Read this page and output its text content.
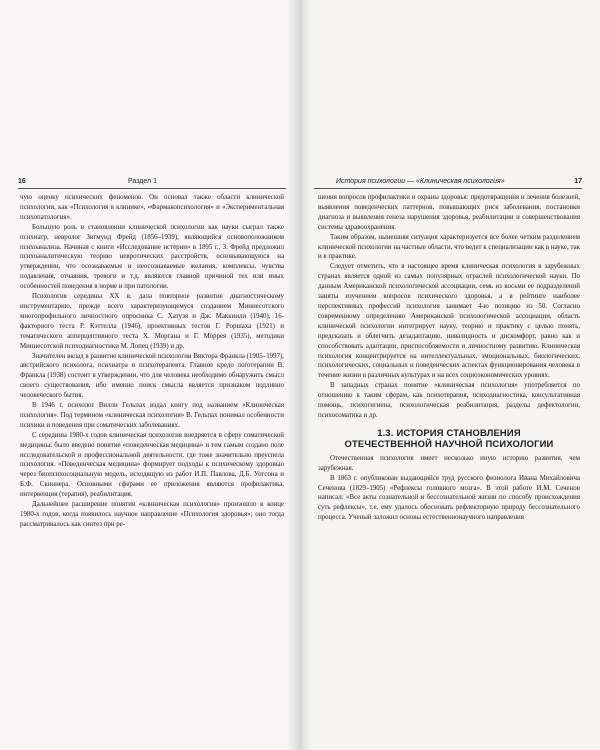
16	Раздел 1

чую оценку психических феноменов. Он основал также области клинической психологии, как «Психология в клинике», «Фармакопсихология» и «Экспериментальная психопатология».

Большую роль в становлении клинической психологии как науки сыграл также психиатр, невролог Зигмунд Фрейд (1856–1939), являющийся основоположником психоанализа. Начиная с книги «Исследование истерии» в 1895 г., З. Фрейд предложил психоаналитическую теорию невротических расстройств, основывающуюся на утверждении, что осознаваемые и неосознаваемые желания, комплексы, чувства подавления, отчаяния, тревоги и т.д. являются главной причиной тех или иных особенностей поведения в норме и при патологии.

Психология середины XX в. дала повторное развитие диагностическому инструментарию, прежде всего характеризующемуся созданием Миннесотского многопрофильного личностного опросника С. Хатуэя и Дж. Маккинли (1940), 16-факторного теста Р. Кэттелла (1946), проективных тестов Г. Роршаха (1921) и тематического апперцептивного теста Х. Моргана и Г. Моррея (1935), методики Миннесотской психодиагностики М. Лопец (1939) и др.

Значителен вклад в развитие клинической психологии Виктора Франкла (1905–1997), австрийского психолога, психиатра и психотерапевта. Главное кредо логотерапии В. Франкла (1938) состоит в утверждении, что для человека необходимо обнаружить смысл своего существования, ибо именно поиск смысла является признаком подлинно человеческого бытия.

В 1946 г. психолог Вилли Гельпах издал книгу под названием «Клиническая психология». Под термином «клиническая психология» В. Гельпах понимал особенности психики и поведения при соматических заболеваниях.

С середины 1980-х годов клиническая психология внедряется в сферу соматической медицины: было введено понятие «поведенческая медицина» и тем самым создано поле исследовательской и профессиональной деятельности, где тоже значительно преуспела психология. «Поведенческая медицина» формирует подходы к психическому здоровью через биопсихосоциальную модель, исходящую из работ И.П. Павлова, Д.Б. Уотсона и Б.Ф. Скиннера. Основными сферами ее приложения являются профилактика, интервенция (терапия), реабилитация.

Дальнейшее расширение понятия «клиническая психология» произошло в конце 1980-х годов, когда появилось научное направление «Психология здоровья»; оно тогда рассматривалось как синтез при ре-

История психологии — «Клиническая психология»	17

шения вопросов профилактики и охраны здоровья: предотвращения и лечения болезней, выявления поведенческих паттернов, повышающих риск заболевания, постановки диагноза и выявления генеза нарушения здоровья, реабилитации и совершенствования системы здравоохранения.

Таким образом, нынешняя ситуация характеризуется все более четким разделением клинической психологии на частные области, что ведет к специализации как в науке, так и в практике.

Следует отметить, что в настоящее время клиническая психология в зарубежных странах является одной из самых популярных отраслей психологической науки. По данным Американской психологической ассоциации, семь из восьми ее подразделений заняты изучением вопросов психического здоровья, а в рейтинге наиболее перспективных профессий психология занимает 4-ю позицию из 50. Согласно современному определению Американской психологической ассоциации, область клинической психологии интегрирует науку, теорию и практику с целью понять, предсказать и облегчить дезадаптацию, инвалидность и дискомфорт, равно как и способствовать адаптации, приспособляемости и личностному развитию. Клиническая психология концентрируется на интеллектуальных, эмоциональных, биологических, психологических, социальных и поведенческих аспектах функционирования человека в течение жизни в различных культурах и на всех социоэкономических уровнях.

В западных странах понятие «клиническая психология» употребляется по отношению к таким сферам, как психотерапия, психодиагностика, консультативная помощь, психогигиена, психологическая реабилитация, разделы дефектологии, психосоматика и др.

1.3. ИСТОРИЯ СТАНОВЛЕНИЯ
ОТЕЧЕСТВЕННОЙ НАУЧНОЙ ПСИХОЛОГИИ

Отечественная психология имеет несколько иную историю развития, чем зарубежная.

В 1863 г. опубликован выдающийся труд русского физиолога Ивана Михайловича Сеченова (1829–1905) «Рефлексы головного мозга». В этой работе И.М. Сеченов написал: «Все акты сознательной и бессознательной жизни по способу происхождения суть рефлексы», т.е. ему удалось обосновать рефлекторную природу бессознательного процесса. Ученый заложил основы естественнонаучного направления
